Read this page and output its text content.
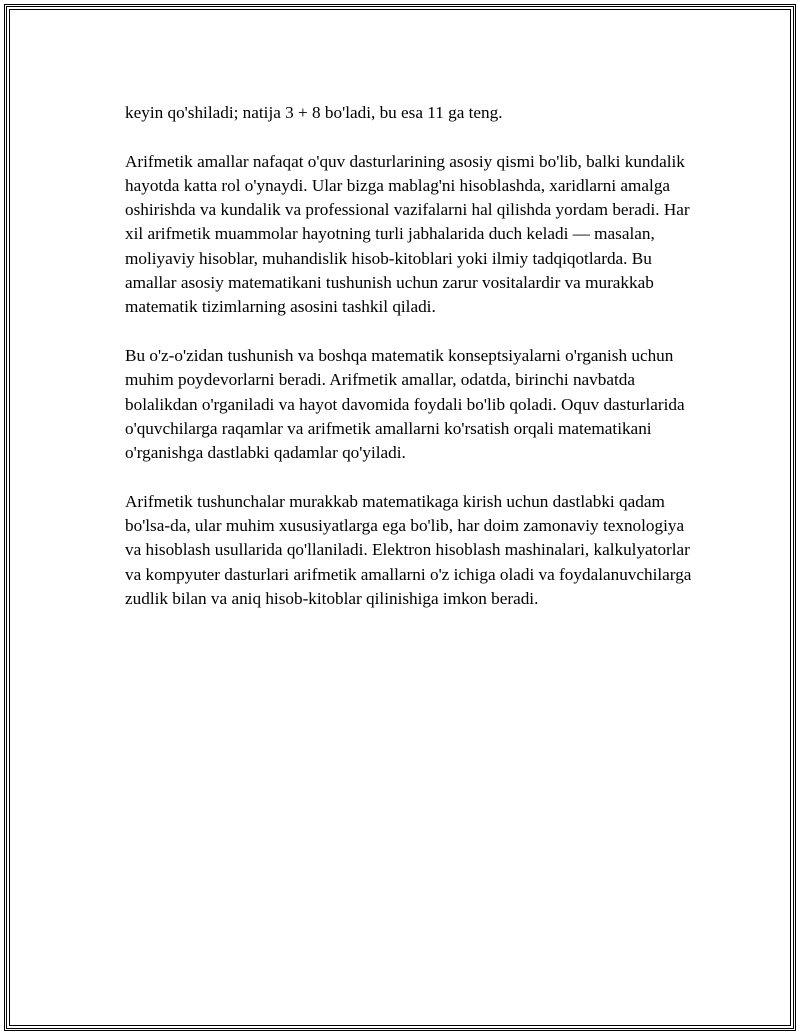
keyin qo'shiladi; natija 3 + 8 bo'ladi, bu esa 11 ga teng.

Arifmetik amallar nafaqat o'quv dasturlarining asosiy qismi bo'lib, balki kundalik hayotda katta rol o'ynaydi. Ular bizga mablag'ni hisoblashda, xaridlarni amalga oshirishda va kundalik va professional vazifalarni hal qilishda yordam beradi. Har xil arifmetik muammolar hayotning turli jabhalarida duch keladi — masalan, moliyaviy hisoblar, muhandislik hisob-kitoblari yoki ilmiy tadqiqotlarda. Bu amallar asosiy matematikani tushunish uchun zarur vositalardir va murakkab matematik tizimlarning asosini tashkil qiladi.

Bu o'z-o'zidan tushunish va boshqa matematik konseptsiyalarni o'rganish uchun muhim poydevorlarni beradi. Arifmetik amallar, odatda, birinchi navbatda bolalikdan o'rganiladi va hayot davomida foydali bo'lib qoladi. Oquv dasturlarida o'quvchilarga raqamlar va arifmetik amallarni ko'rsatish orqali matematikani o'rganishga dastlabki qadamlar qo'yiladi.

Arifmetik tushunchalar murakkab matematikaga kirish uchun dastlabki qadam bo'lsa-da, ular muhim xususiyatlarga ega bo'lib, har doim zamonaviy texnologiya va hisoblash usullarida qo'llaniladi. Elektron hisoblash mashinalari, kalkulyatorlar va kompyuter dasturlari arifmetik amallarni o'z ichiga oladi va foydalanuvchilarga zudlik bilan va aniq hisob-kitoblar qilinishiga imkon beradi.
